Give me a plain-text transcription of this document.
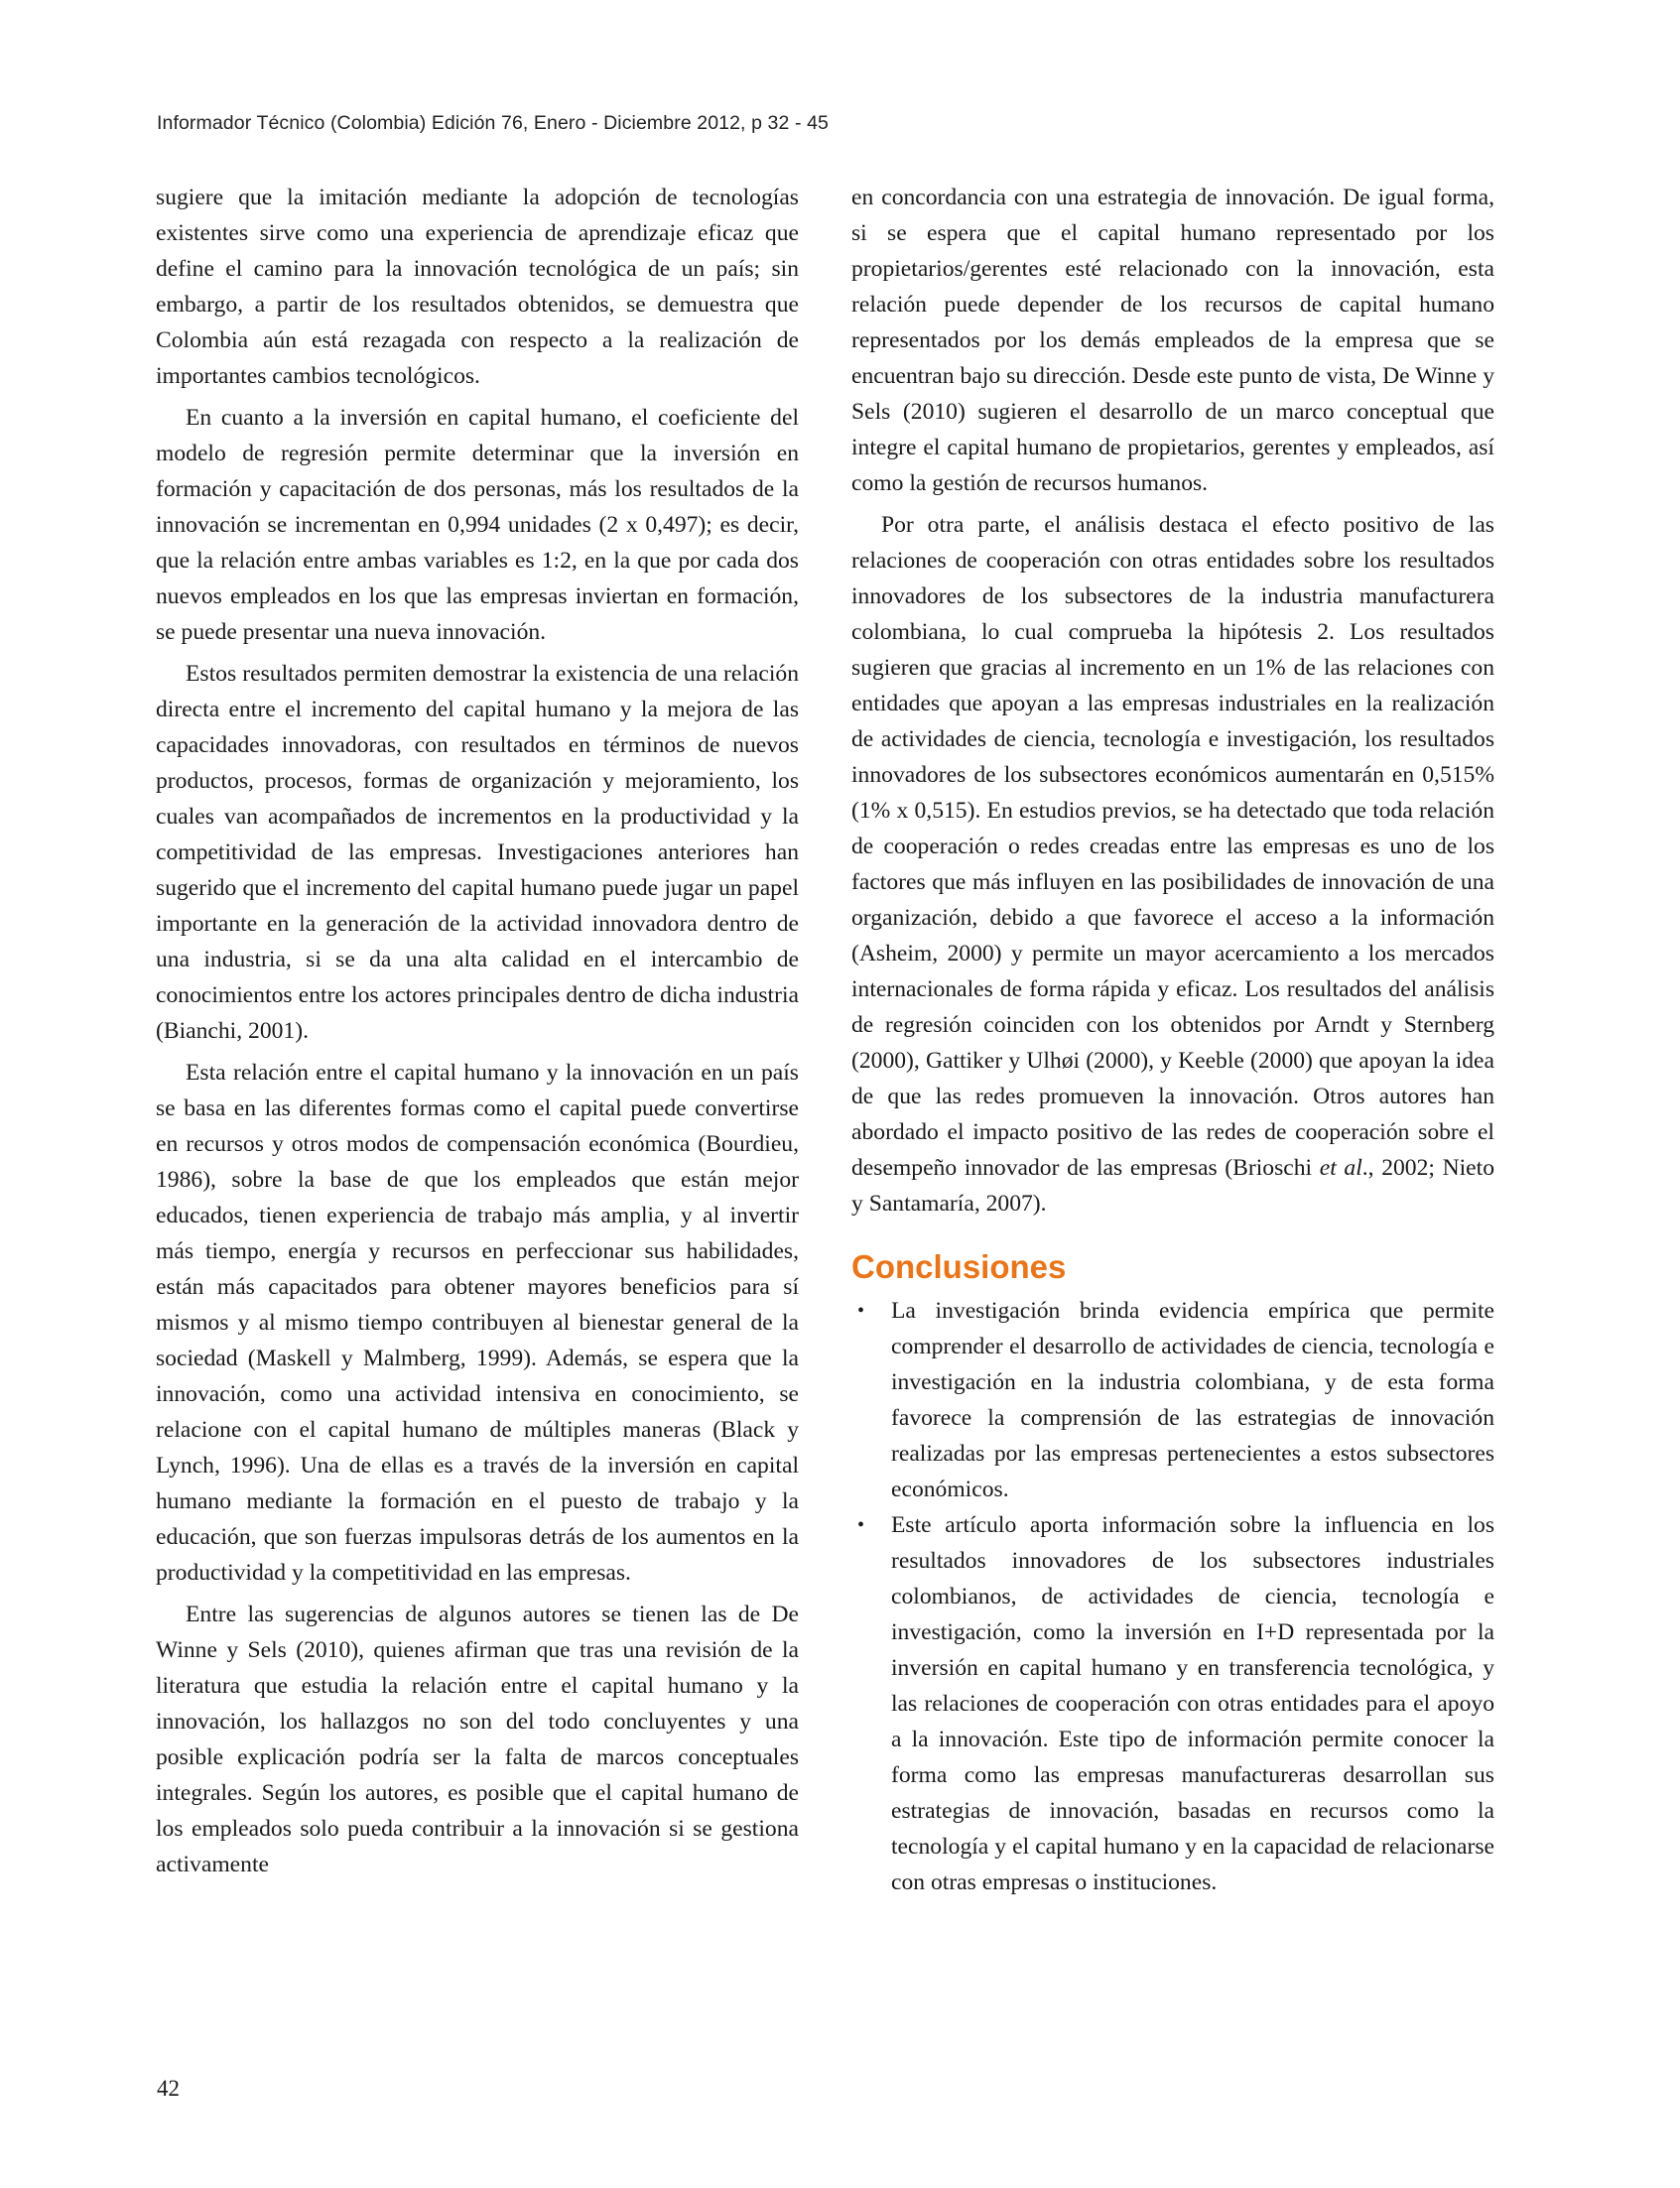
Informador Técnico (Colombia) Edición 76, Enero - Diciembre 2012, p 32 - 45

sugiere que la imitación mediante la adopción de tecnologías existentes sirve como una experiencia de aprendizaje eficaz que define el camino para la innovación tecnológica de un país; sin embargo, a partir de los resultados obtenidos, se demuestra que Colombia aún está rezagada con respecto a la realización de importantes cambios tecnológicos.

En cuanto a la inversión en capital humano, el coeficiente del modelo de regresión permite determinar que la inversión en formación y capacitación de dos personas, más los resultados de la innovación se incrementan en 0,994 unidades (2 x 0,497); es decir, que la relación entre ambas variables es 1:2, en la que por cada dos nuevos empleados en los que las empresas inviertan en formación, se puede presentar una nueva innovación.

Estos resultados permiten demostrar la existencia de una relación directa entre el incremento del capital humano y la mejora de las capacidades innovadoras, con resultados en términos de nuevos productos, procesos, formas de organización y mejoramiento, los cuales van acompañados de incrementos en la productividad y la competitividad de las empresas. Investigaciones anteriores han sugerido que el incremento del capital humano puede jugar un papel importante en la generación de la actividad innovadora dentro de una industria, si se da una alta calidad en el intercambio de conocimientos entre los actores principales dentro de dicha industria (Bianchi, 2001).

Esta relación entre el capital humano y la innovación en un país se basa en las diferentes formas como el capital puede convertirse en recursos y otros modos de compensación económica (Bourdieu, 1986), sobre la base de que los empleados que están mejor educados, tienen experiencia de trabajo más amplia, y al invertir más tiempo, energía y recursos en perfeccionar sus habilidades, están más capacitados para obtener mayores beneficios para sí mismos y al mismo tiempo contribuyen al bienestar general de la sociedad (Maskell y Malmberg, 1999). Además, se espera que la innovación, como una actividad intensiva en conocimiento, se relacione con el capital humano de múltiples maneras (Black y Lynch, 1996). Una de ellas es a través de la inversión en capital humano mediante la formación en el puesto de trabajo y la educación, que son fuerzas impulsoras detrás de los aumentos en la productividad y la competitividad en las empresas.

Entre las sugerencias de algunos autores se tienen las de De Winne y Sels (2010), quienes afirman que tras una revisión de la literatura que estudia la relación entre el capital humano y la innovación, los hallazgos no son del todo concluyentes y una posible explicación podría ser la falta de marcos conceptuales integrales. Según los autores, es posible que el capital humano de los empleados solo pueda contribuir a la innovación si se gestiona activamente

en concordancia con una estrategia de innovación. De igual forma, si se espera que el capital humano representado por los propietarios/gerentes esté relacionado con la innovación, esta relación puede depender de los recursos de capital humano representados por los demás empleados de la empresa que se encuentran bajo su dirección. Desde este punto de vista, De Winne y Sels (2010) sugieren el desarrollo de un marco conceptual que integre el capital humano de propietarios, gerentes y empleados, así como la gestión de recursos humanos.

Por otra parte, el análisis destaca el efecto positivo de las relaciones de cooperación con otras entidades sobre los resultados innovadores de los subsectores de la industria manufacturera colombiana, lo cual comprueba la hipótesis 2. Los resultados sugieren que gracias al incremento en un 1% de las relaciones con entidades que apoyan a las empresas industriales en la realización de actividades de ciencia, tecnología e investigación, los resultados innovadores de los subsectores económicos aumentarán en 0,515% (1% x 0,515). En estudios previos, se ha detectado que toda relación de cooperación o redes creadas entre las empresas es uno de los factores que más influyen en las posibilidades de innovación de una organización, debido a que favorece el acceso a la información (Asheim, 2000) y permite un mayor acercamiento a los mercados internacionales de forma rápida y eficaz. Los resultados del análisis de regresión coinciden con los obtenidos por Arndt y Sternberg (2000), Gattiker y Ulhøi (2000), y Keeble (2000) que apoyan la idea de que las redes promueven la innovación. Otros autores han abordado el impacto positivo de las redes de cooperación sobre el desempeño innovador de las empresas (Brioschi et al., 2002; Nieto y Santamaría, 2007).

Conclusiones
• La investigación brinda evidencia empírica que permite comprender el desarrollo de actividades de ciencia, tecnología e investigación en la industria colombiana, y de esta forma favorece la comprensión de las estrategias de innovación realizadas por las empresas pertenecientes a estos subsectores económicos.
• Este artículo aporta información sobre la influencia en los resultados innovadores de los subsectores industriales colombianos, de actividades de ciencia, tecnología e investigación, como la inversión en I+D representada por la inversión en capital humano y en transferencia tecnológica, y las relaciones de cooperación con otras entidades para el apoyo a la innovación. Este tipo de información permite conocer la forma como las empresas manufactureras desarrollan sus estrategias de innovación, basadas en recursos como la tecnología y el capital humano y en la capacidad de relacionarse con otras empresas o instituciones.
42
